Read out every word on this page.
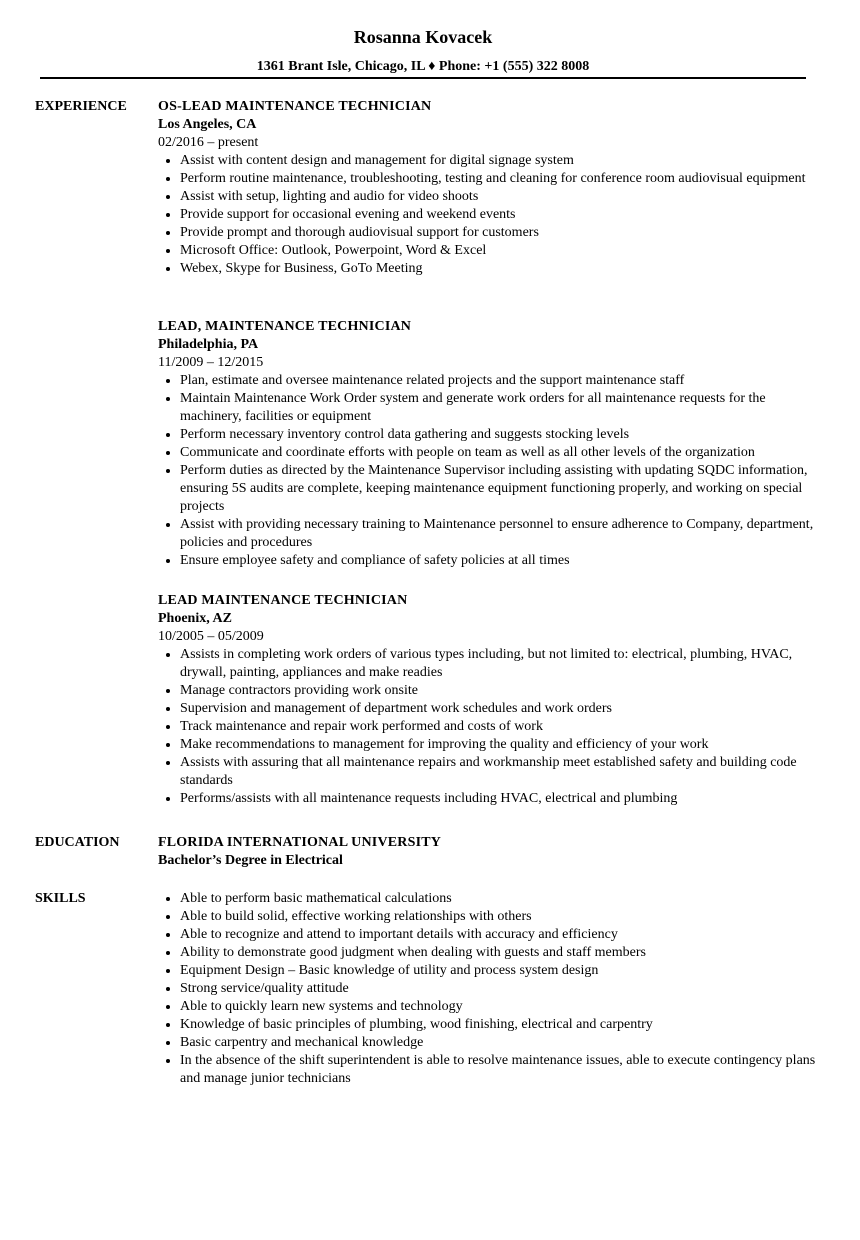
Rosanna Kovacek
1361 Brant Isle, Chicago, IL ♦ Phone: +1 (555) 322 8008
EXPERIENCE OS-LEAD MAINTENANCE TECHNICIAN
Los Angeles, CA
02/2016 – present
Assist with content design and management for digital signage system
Perform routine maintenance, troubleshooting, testing and cleaning for conference room audiovisual equipment
Assist with setup, lighting and audio for video shoots
Provide support for occasional evening and weekend events
Provide prompt and thorough audiovisual support for customers
Microsoft Office: Outlook, Powerpoint, Word & Excel
Webex, Skype for Business, GoTo Meeting
LEAD, MAINTENANCE TECHNICIAN
Philadelphia, PA
11/2009 – 12/2015
Plan, estimate and oversee maintenance related projects and the support maintenance staff
Maintain Maintenance Work Order system and generate work orders for all maintenance requests for the machinery, facilities or equipment
Perform necessary inventory control data gathering and suggests stocking levels
Communicate and coordinate efforts with people on team as well as all other levels of the organization
Perform duties as directed by the Maintenance Supervisor including assisting with updating SQDC information, ensuring 5S audits are complete, keeping maintenance equipment functioning properly, and working on special projects
Assist with providing necessary training to Maintenance personnel to ensure adherence to Company, department, policies and procedures
Ensure employee safety and compliance of safety policies at all times
LEAD MAINTENANCE TECHNICIAN
Phoenix, AZ
10/2005 – 05/2009
Assists in completing work orders of various types including, but not limited to: electrical, plumbing, HVAC, drywall, painting, appliances and make readies
Manage contractors providing work onsite
Supervision and management of department work schedules and work orders
Track maintenance and repair work performed and costs of work
Make recommendations to management for improving the quality and efficiency of your work
Assists with assuring that all maintenance repairs and workmanship meet established safety and building code standards
Performs/assists with all maintenance requests including HVAC, electrical and plumbing
EDUCATION	FLORIDA INTERNATIONAL UNIVERSITY
Bachelor’s Degree in Electrical
SKILLS	Able to perform basic mathematical calculations
Able to build solid, effective working relationships with others
Able to recognize and attend to important details with accuracy and efficiency
Ability to demonstrate good judgment when dealing with guests and staff members
Equipment Design – Basic knowledge of utility and process system design
Strong service/quality attitude
Able to quickly learn new systems and technology
Knowledge of basic principles of plumbing, wood finishing, electrical and carpentry
Basic carpentry and mechanical knowledge
In the absence of the shift superintendent is able to resolve maintenance issues, able to execute contingency plans and manage junior technicians
